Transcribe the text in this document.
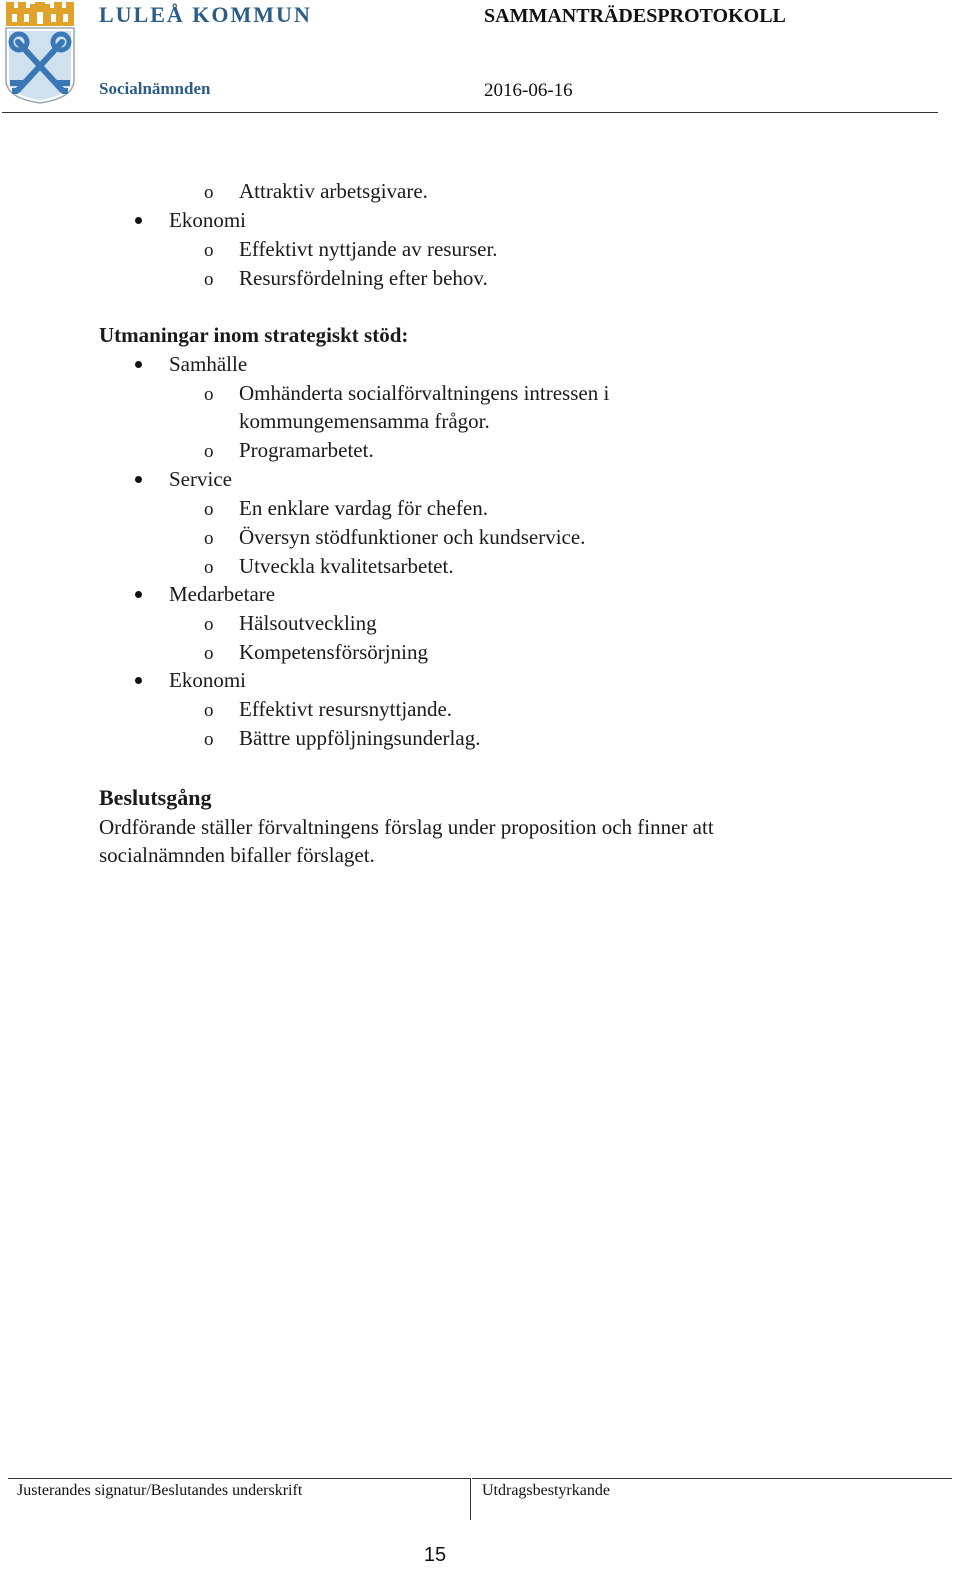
LULEÅ KOMMUN
Socialnämnden
SAMMANTRÄDESPROTOKOLL
2016-06-16
o Attraktiv arbetsgivare.
Ekonomi
o Effektivt nyttjande av resurser.
o Resursfördelning efter behov.
Utmaningar inom strategiskt stöd:
Samhälle
o Omhänderta socialförvaltningens intressen i
kommungemensamma frågor.
o Programarbetet.
Service
o En enklare vardag för chefen.
o Översyn stödfunktioner och kundservice.
o Utveckla kvalitetsarbetet.
Medarbetare
o Hälsoutveckling
o Kompetensförsörjning
Ekonomi
o Effektivt resursnyttjande.
o Bättre uppföljningsunderlag.
Beslutsgång
Ordförande ställer förvaltningens förslag under proposition och finner att
socialnämnden bifaller förslaget.
Justerandes signatur/Beslutandes underskrift	Utdragsbestyrkande
15
